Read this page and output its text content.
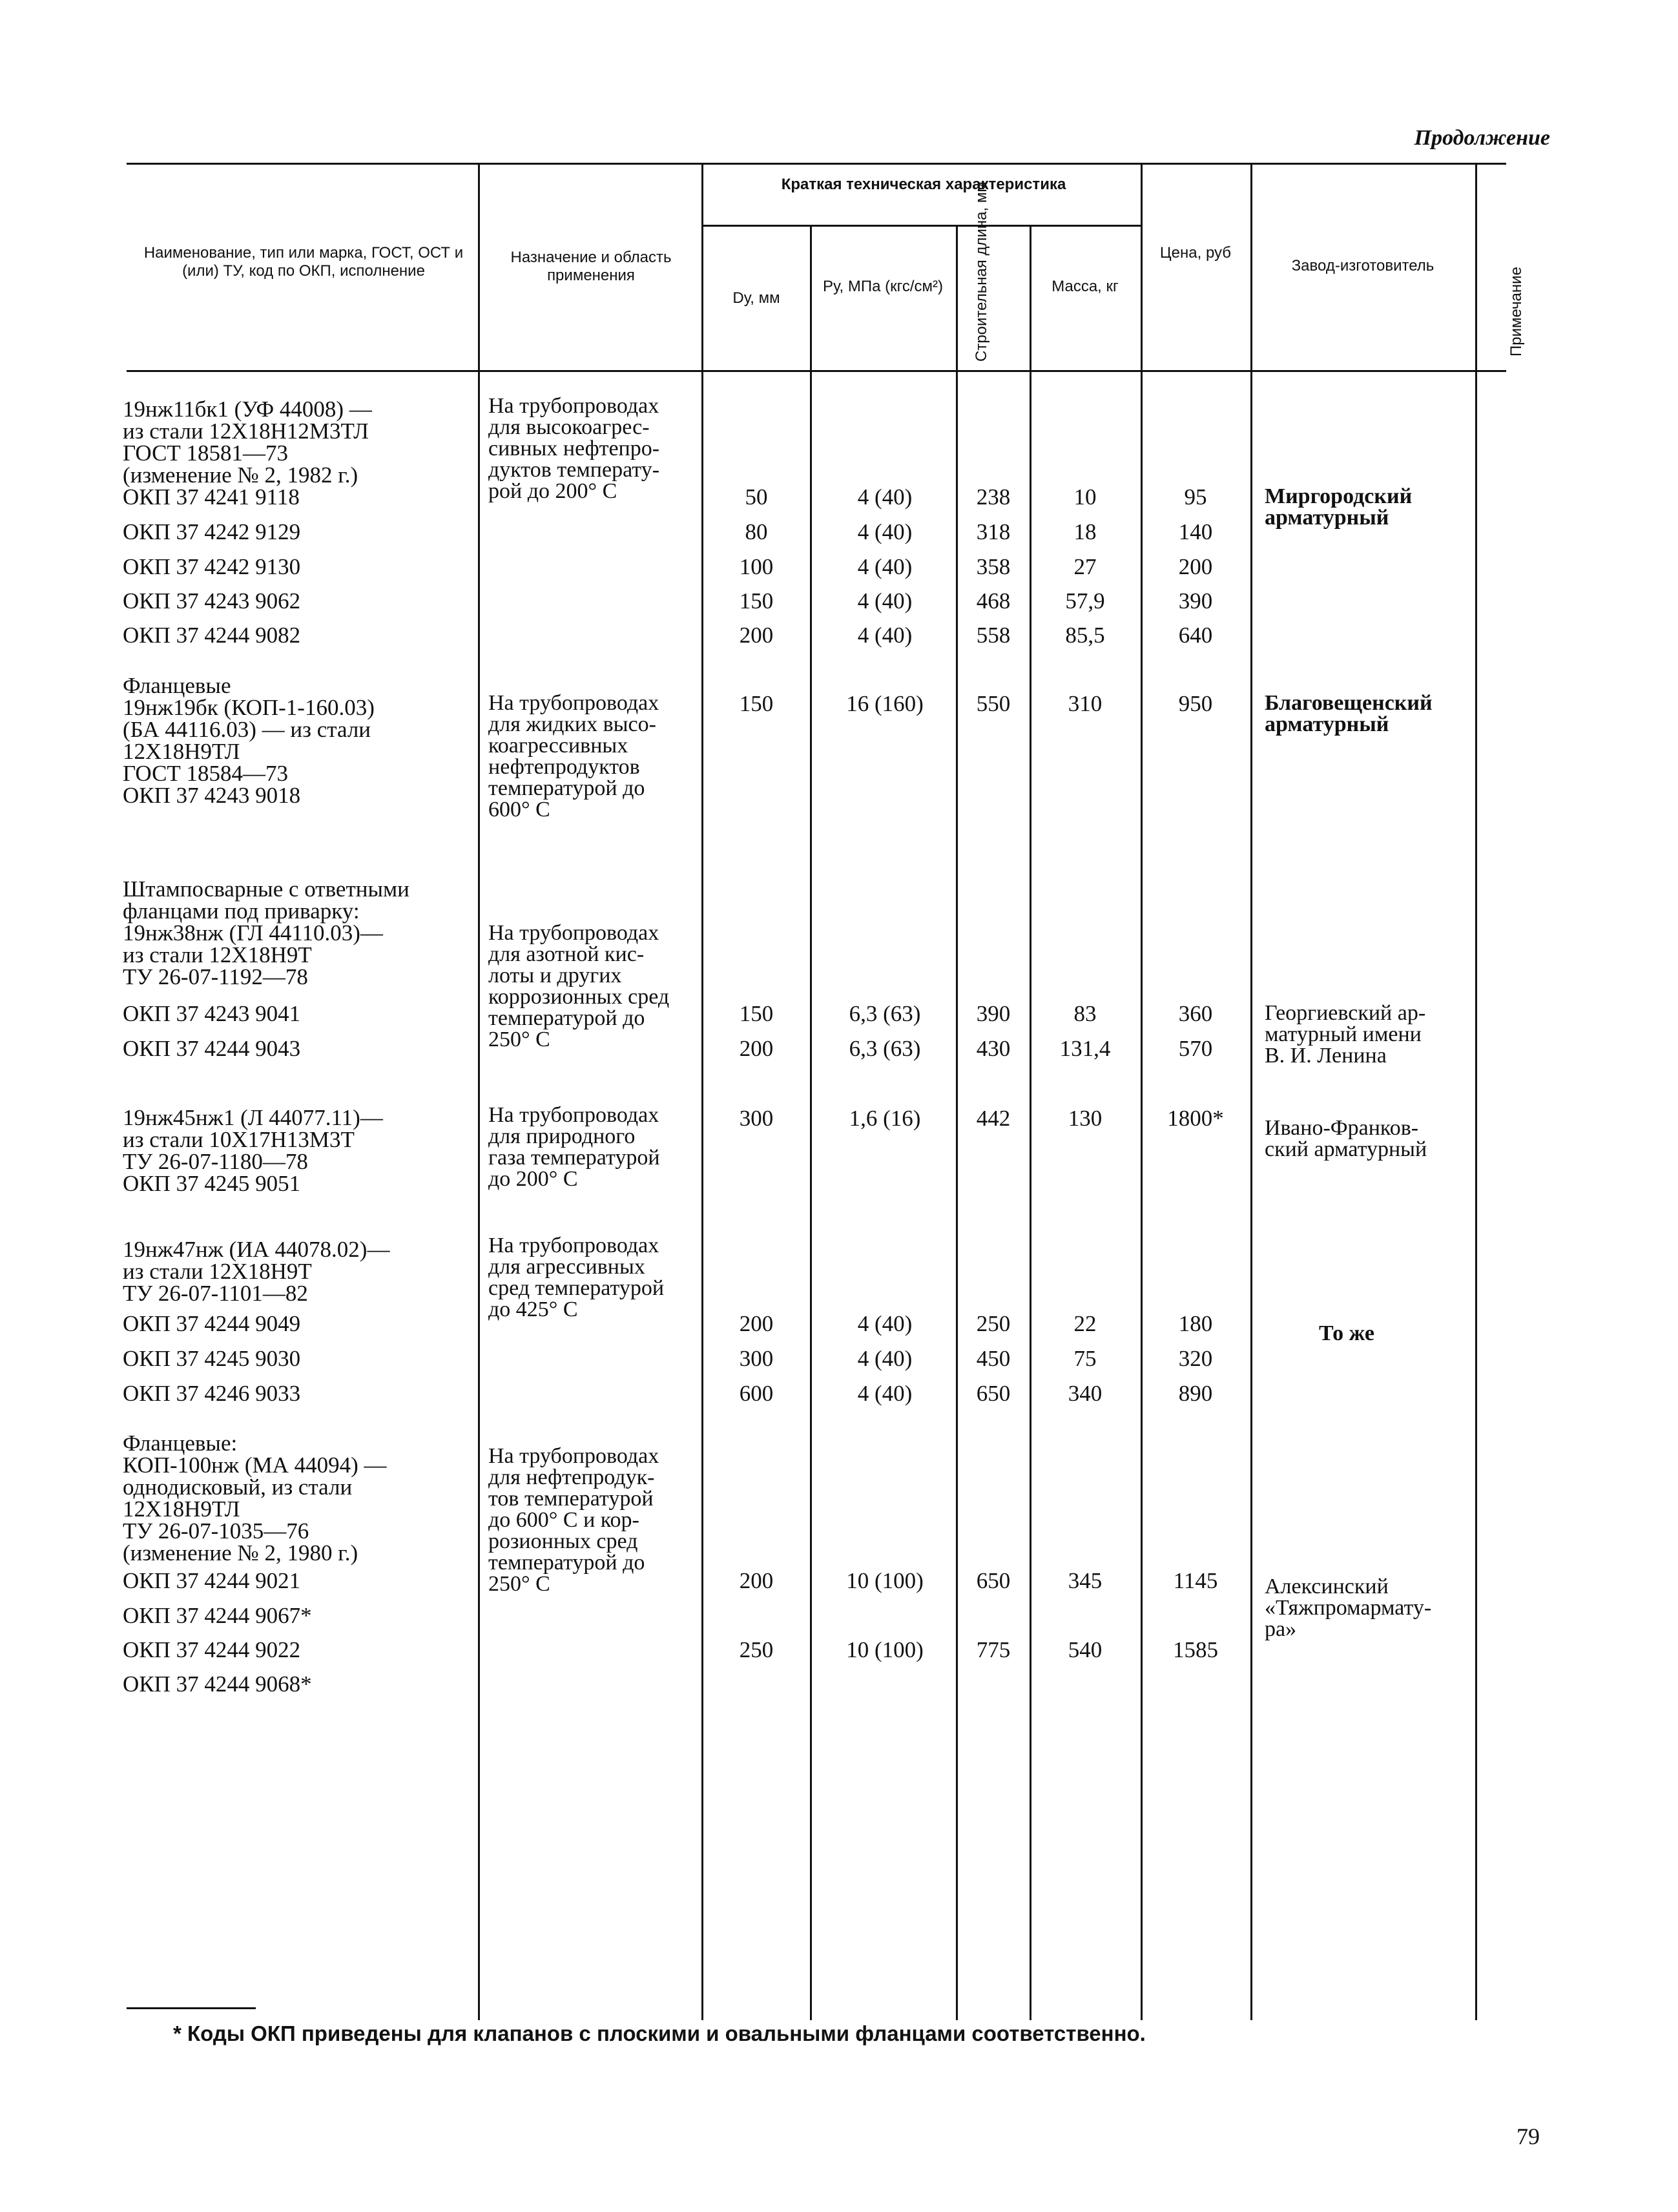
Продолжение
Наименование, тип или марка, ГОСТ, ОСТ и (или) ТУ, код по ОКП, исполнение
Назначение и область применения
Краткая техническая характеристика
Dу, мм
Pу, МПа (кгс/см²)	Строительная длина, мм	Масса, кг
Цена, руб
Завод-изготовитель
Примечание
19нж11бк1 (УФ 44008) —
из стали 12Х18Н12М3ТЛ
ГОСТ 18581—73
(изменение № 2, 1982 г.)
На трубопроводах
для высокоагрес-
сивных нефтепро-
дуктов температу-
рой до 200° С	Миргородский
арматурный
ОКП 37 4241 9118	50	4 (40)	238	10	95
ОКП 37 4242 9129	80	4 (40)	318	18	140
ОКП 37 4242 9130	100	4 (40)	358	27	200
ОКП 37 4243 9062	150	4 (40)	468	57,9	390
ОКП 37 4244 9082	200	4 (40)	558	85,5	640
Фланцевые
19нж19бк (КОП-1-160.03)
(БА 44116.03) — из стали
12Х18Н9ТЛ
ГОСТ 18584—73
ОКП 37 4243 9018
На трубопроводах
для жидких высо-
коагрессивных
нефтепродуктов
температурой до
600° С
Благовещенский
арматурный
150	16 (160)	550	310	950
Штампосварные с ответными
фланцами под приварку:
19нж38нж (ГЛ 44110.03)—
из стали 12Х18Н9Т
ТУ 26-07-1192—78
На трубопроводах
для азотной кис-
лоты и других
коррозионных сред
температурой до
250° С
Георгиевский ар-
матурный имени
В. И. Ленина
ОКП 37 4243 9041	150	6,3 (63)	390	83	360
ОКП 37 4244 9043	200	6,3 (63)	430	131,4	570
19нж45нж1 (Л 44077.11)—
из стали 10Х17Н13М3Т
ТУ 26-07-1180—78
ОКП 37 4245 9051
На трубопроводах
для природного
газа температурой
до 200° С
Ивано-Франков-
ский арматурный
300	1,6 (16)	442	130	1800*
19нж47нж (ИА 44078.02)—
из стали 12Х18Н9Т
ТУ 26-07-1101—82
На трубопроводах
для агрессивных
сред температурой
до 425° С
То же
ОКП 37 4244 9049	200	4 (40)	250	22	180
ОКП 37 4245 9030	300	4 (40)	450	75	320
ОКП 37 4246 9033	600	4 (40)	650	340	890
Фланцевые:
КОП-100нж (МА 44094) —
однодисковый, из стали
12Х18Н9ТЛ
ТУ 26-07-1035—76
(изменение № 2, 1980 г.)
На трубопроводах
для нефтепродук-
тов температурой
до 600° С и кор-
розионных сред
температурой до
250° С	Алексинский
«Тяжпромармату-
ра»
ОКП 37 4244 9021	200	10 (100)	650	345	1145
ОКП 37 4244 9067*
ОКП 37 4244 9022	250	10 (100)	775	540	1585
ОКП 37 4244 9068*
* Коды ОКП приведены для клапанов с плоскими и овальными фланцами соответственно.
79
